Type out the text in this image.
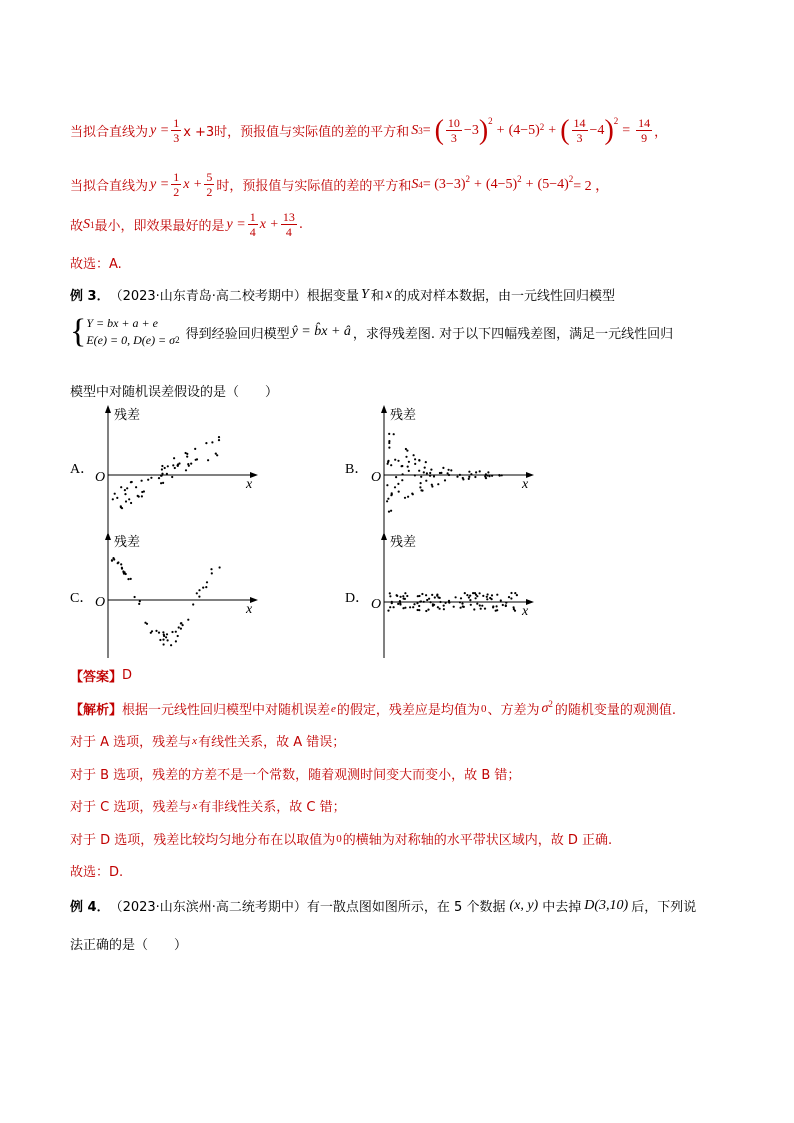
当拟合直线为 $y = \frac{1}{3}$ x +3时，预报值与实际值的差的平方和 S 3 = ( $\frac{10}{3} -3$ ) 2
+ (4−5) 2 + ( $\frac{14}{3} -4$ ) 2
= $\frac{14}{9}$ ，
当拟合直线为 $y = \frac{1}{2}$ $x + \frac{5}{2}$ 时，预报值与实际值的差的平方和 S 4 = (3−3) 2 + (4−5) 2 + (5−4) 2 = 2 ，
故 S 1 最小，即效果最好的是 $y = \frac{1}{4}$ $x + \frac{13}{4}$ .
故选：A.
例 3． （2023·山东青岛·高二校考期中）根据变量 Y 和 x 的成对样本数据，由一元线性回归模型
{ Y = bx + a + e
E(e) = 0, D(e) = σ 2 得到经验回归模型 ŷ = b̂x + â ，求得残差图. 对于以下四幅残差图，满足一元线性回归
模型中对随机误差假设的是（　　）
A．	B．
C．	D．
残差
x
O
残差
x
O
残差
x
O
残差
x
O
【答案】 D
【解析】 根据一元线性回归模型中对随机误差 e 的假定，残差应是均值为 0 、方差为 σ 2 的随机变量的观测值.
对于 A 选项，残差与 x 有线性关系，故 A 错误；
对于 B 选项，残差的方差不是一个常数，随着观测时间变大而变小，故 B 错；
对于 C 选项，残差与 x 有非线性关系，故 C 错；
对于 D 选项，残差比较均匀地分布在以取值为 0 的横轴为对称轴的水平带状区域内，故 D 正确.
故选：D.
例 4． （2023·山东滨州·高二统考期中）有一散点图如图所示，在 5 个数据 (x, y) 中去掉 D(3,10) 后，下列说
法正确的是（　　）
